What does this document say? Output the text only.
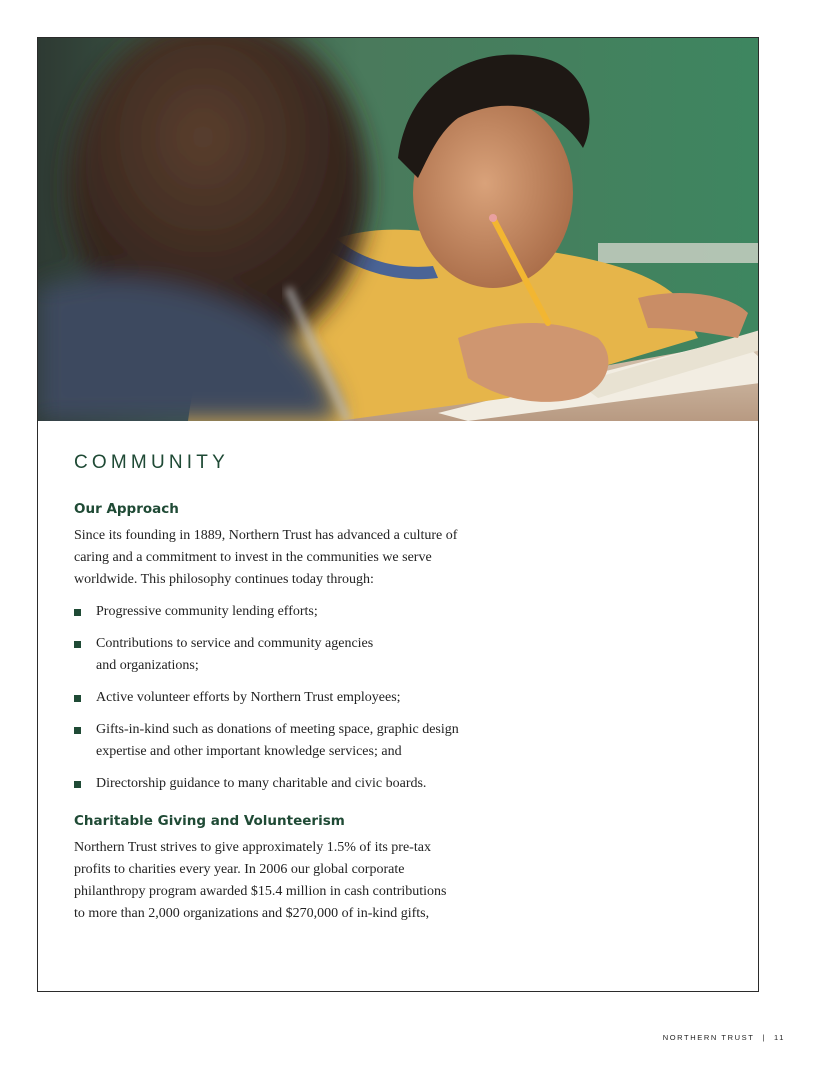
COMMUNITY
Our Approach

Since its founding in 1889, Northern Trust has advanced a culture of caring and a commitment to invest in the communities we serve worldwide. This philosophy continues today through:

Progressive community lending efforts;
Contributions to service and community agencies and organizations;
Active volunteer efforts by Northern Trust employees;
Gifts-in-kind such as donations of meeting space, graphic design expertise and other important knowledge services; and
Directorship guidance to many charitable and civic boards.
Charitable Giving and Volunteerism

Northern Trust strives to give approximately 1.5% of its pre-tax profits to charities every year. In 2006 our global corporate philanthropy program awarded $15.4 million in cash contributions to more than 2,000 organizations and $270,000 of in-kind gifts,

NORTHERN TRUST | 11
